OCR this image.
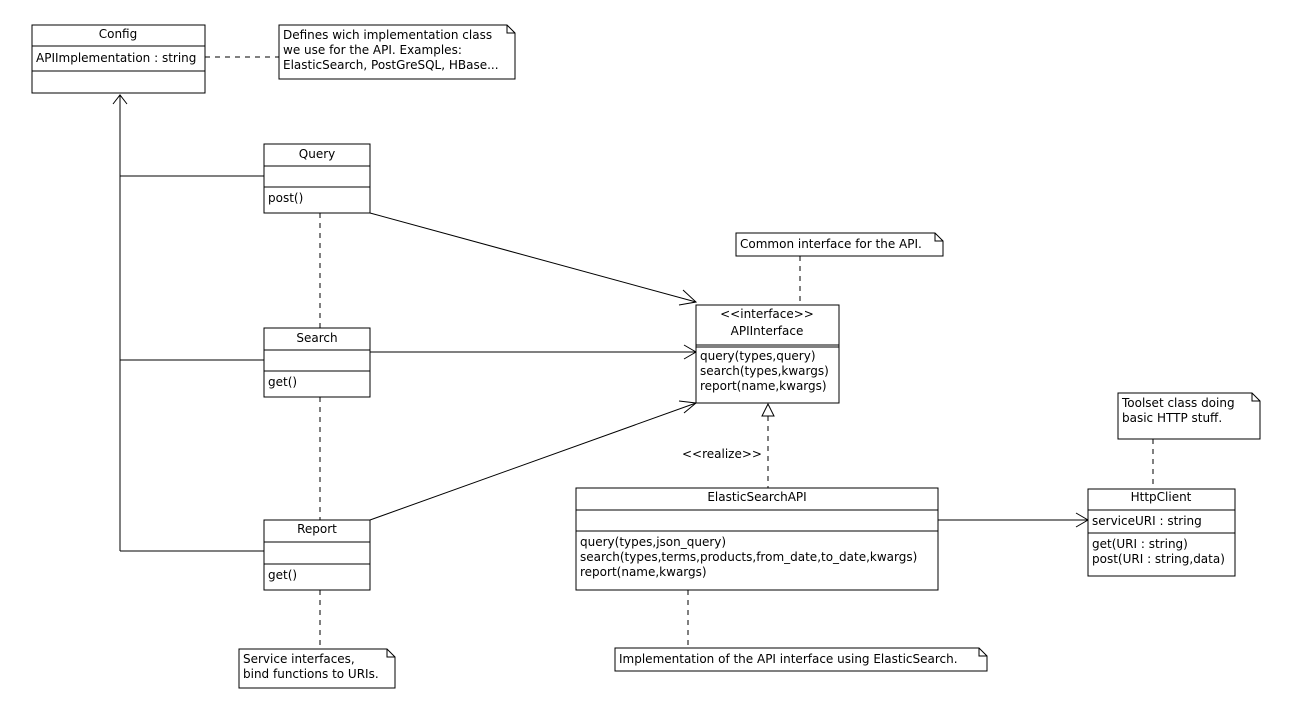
Config
APIImplementation : string
Defines wich implementation class
we use for the API. Examples:
ElasticSearch, PostGreSQL, HBase...
Query
post()
Search
get()
Report
get()
Service interfaces,
bind functions to URIs.
Common interface for the API.
<<interface>>
APIInterface
query(types,query)
search(types,kwargs)
report(name,kwargs)
<<realize>>
ElasticSearchAPI
query(types,json_query)
search(types,terms,products,from_date,to_date,kwargs)
report(name,kwargs)
Implementation of the API interface using ElasticSearch.
Toolset class doing
basic HTTP stuff.
HttpClient
serviceURI : string
get(URI : string)
post(URI : string,data)
